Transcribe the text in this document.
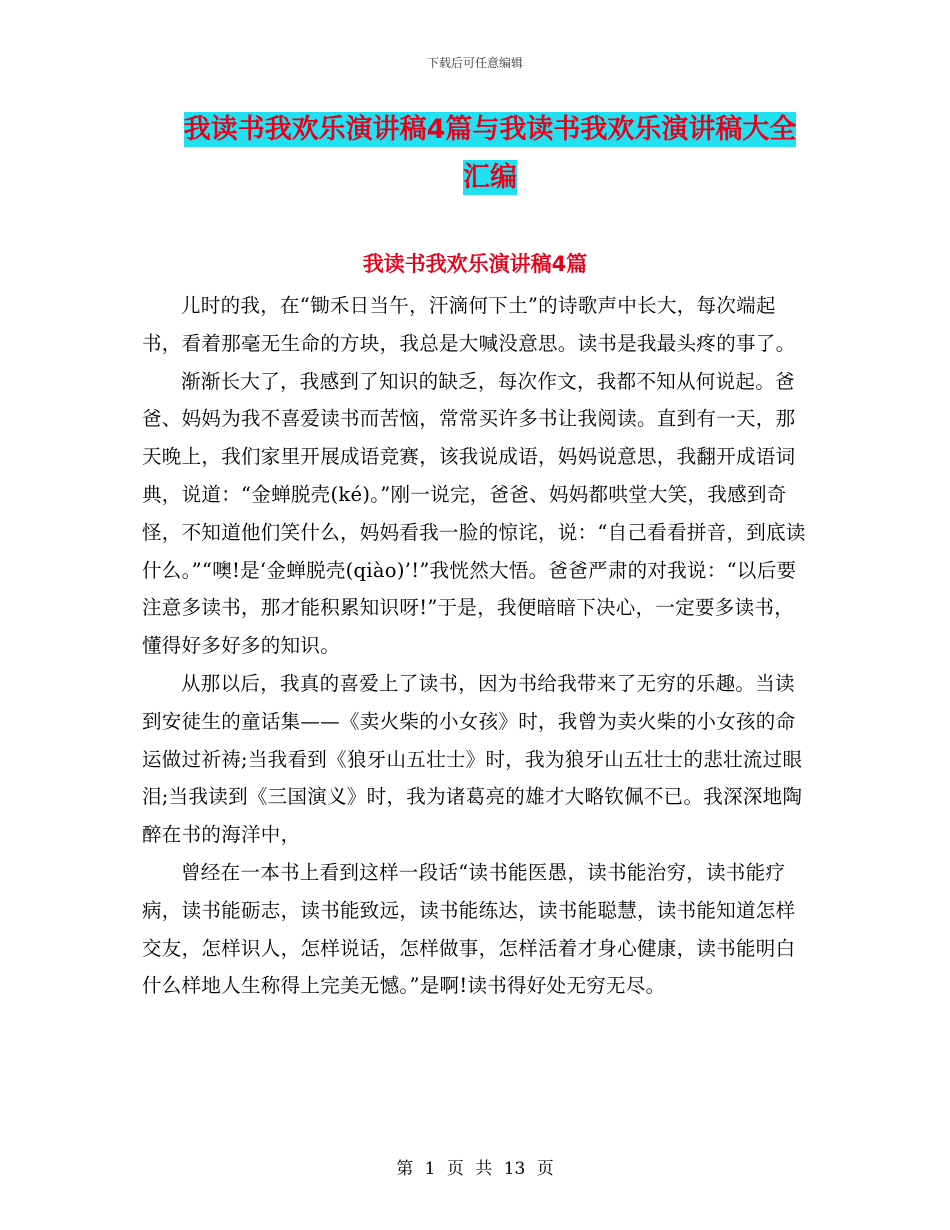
下载后可任意编辑
我读书我欢乐演讲稿4篇与我读书我欢乐演讲稿大全
汇编
我读书我欢乐演讲稿4篇

儿时的我，在“锄禾日当午，汗滴何下土”的诗歌声中长大，每次端起书，看着那毫无生命的方块，我总是大喊没意思。读书是我最头疼的事了。

渐渐长大了，我感到了知识的缺乏，每次作文，我都不知从何说起。爸爸、妈妈为我不喜爱读书而苦恼，常常买许多书让我阅读。直到有一天，那天晚上，我们家里开展成语竞赛，该我说成语，妈妈说意思，我翻开成语词典，说道：“金蝉脱壳(ké)。”刚一说完，爸爸、妈妈都哄堂大笑，我感到奇怪，不知道他们笑什么，妈妈看我一脸的惊诧，说：“自己看看拼音，到底读什么。”“噢!是‘金蝉脱壳(qiào)’!”我恍然大悟。爸爸严肃的对我说：“以后要注意多读书，那才能积累知识呀!”于是，我便暗暗下决心，一定要多读书，懂得好多好多的知识。

从那以后，我真的喜爱上了读书，因为书给我带来了无穷的乐趣。当读到安徒生的童话集——《卖火柴的小女孩》时，我曾为卖火柴的小女孩的命运做过祈祷;当我看到《狼牙山五壮士》时，我为狼牙山五壮士的悲壮流过眼泪;当我读到《三国演义》时，我为诸葛亮的雄才大略钦佩不已。我深深地陶醉在书的海洋中，

曾经在一本书上看到这样一段话“读书能医愚，读书能治穷，读书能疗病，读书能砺志，读书能致远，读书能练达，读书能聪慧，读书能知道怎样交友，怎样识人，怎样说话，怎样做事，怎样活着才身心健康，读书能明白什么样地人生称得上完美无憾。”是啊!读书得好处无穷无尽。

第 1 页 共 13 页
